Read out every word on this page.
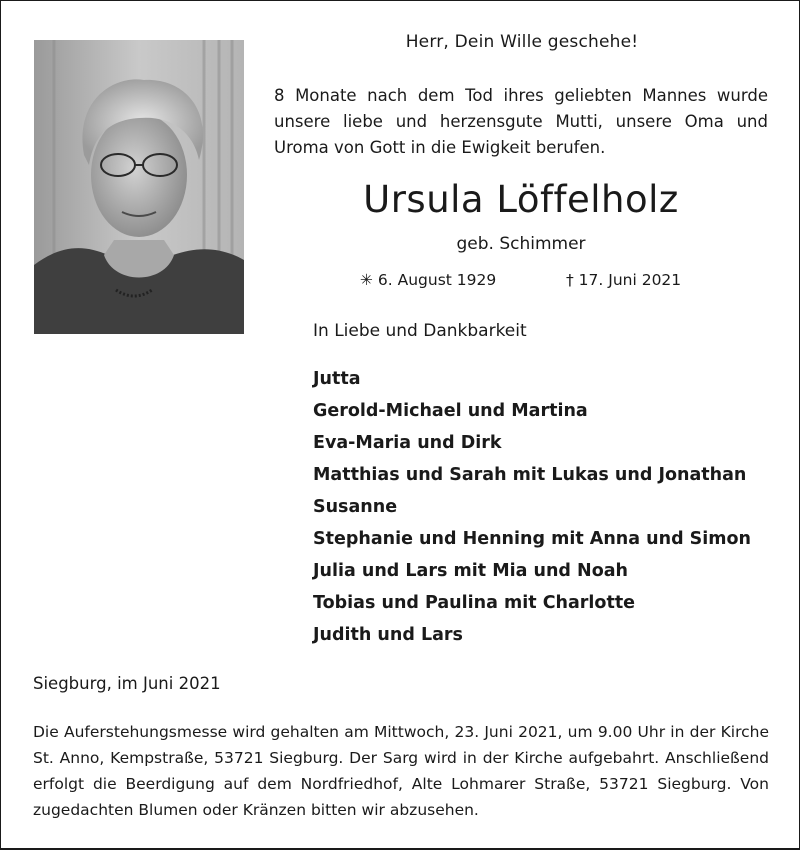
Herr, Dein Wille geschehe!
8 Monate nach dem Tod ihres geliebten Mannes wurde unsere liebe und herzensgute Mutti, unsere Oma und Uroma von Gott in die Ewigkeit berufen.
Ursula Löffelholz
geb. Schimmer
✳ 6. August 1929	† 17. Juni 2021
In Liebe und Dankbarkeit
Jutta
Gerold-Michael und Martina
Eva-Maria und Dirk
Matthias und Sarah mit Lukas und Jonathan
Susanne
Stephanie und Henning mit Anna und Simon
Julia und Lars mit Mia und Noah
Tobias und Paulina mit Charlotte
Judith und Lars
Siegburg, im Juni 2021
Die Auferstehungsmesse wird gehalten am Mittwoch, 23. Juni 2021, um 9.00 Uhr in der Kirche St. Anno, Kempstraße, 53721 Siegburg. Der Sarg wird in der Kirche aufgebahrt. Anschließend erfolgt die Beerdigung auf dem Nordfriedhof, Alte Lohmarer Straße, 53721 Siegburg. Von zugedachten Blumen oder Kränzen bitten wir abzusehen.
